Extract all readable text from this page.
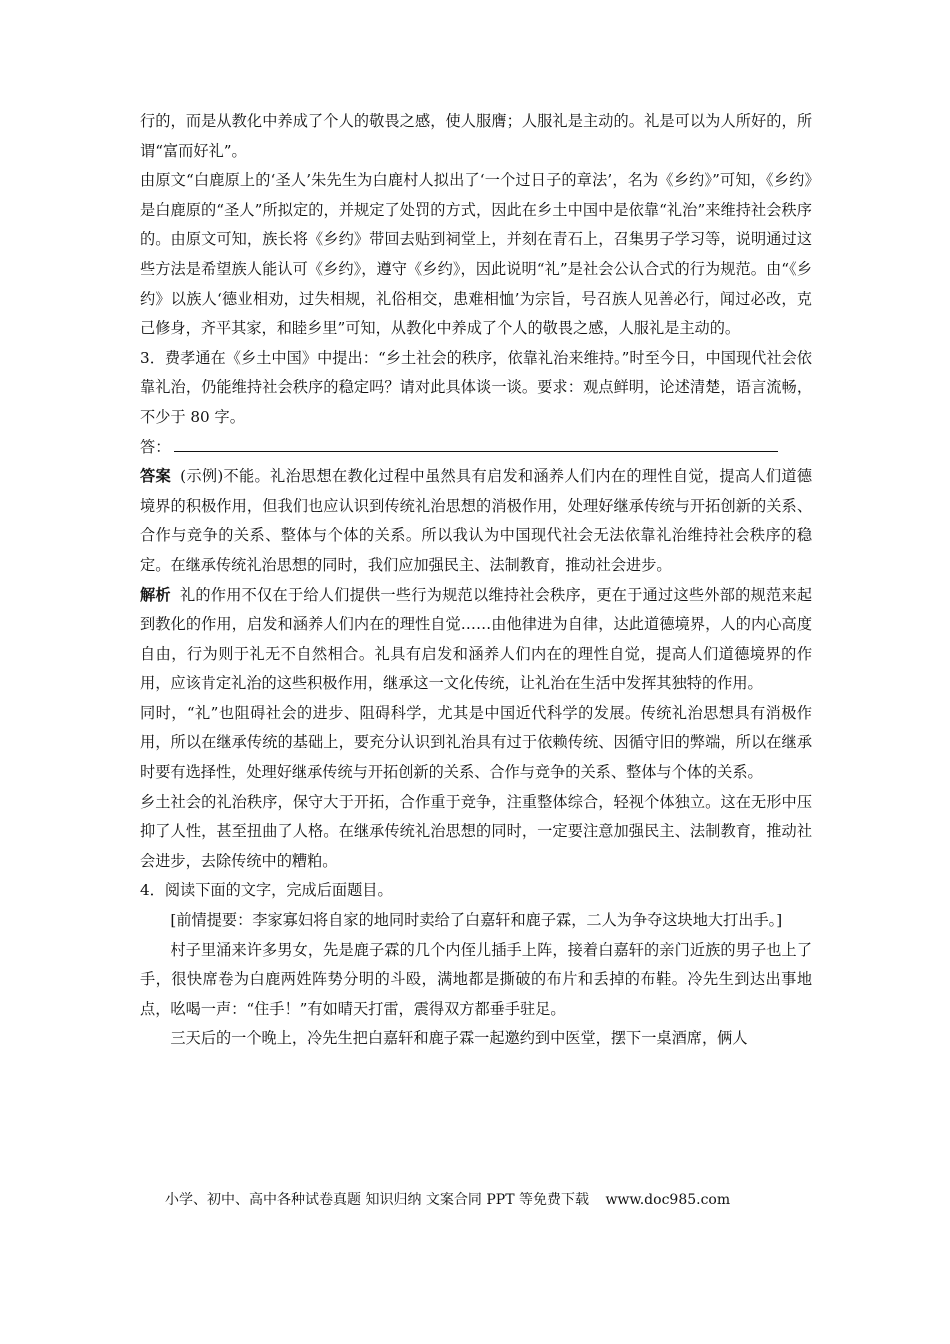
行的，而是从教化中养成了个人的敬畏之感，使人服膺；人服礼是主动的。礼是可以为人所好的，所谓“富而好礼”。

由原文“白鹿原上的‘圣人’朱先生为白鹿村人拟出了‘一个过日子的章法’，名为《乡约》”可知，《乡约》是白鹿原的“圣人”所拟定的，并规定了处罚的方式，因此在乡土中国中是依靠“礼治”来维持社会秩序的。由原文可知，族长将《乡约》带回去贴到祠堂上，并刻在青石上，召集男子学习等，说明通过这些方法是希望族人能认可《乡约》，遵守《乡约》，因此说明“礼”是社会公认合式的行为规范。由“《乡约》以族人‘德业相劝，过失相规，礼俗相交，患难相恤’为宗旨，号召族人见善必行，闻过必改，克己修身，齐平其家，和睦乡里”可知，从教化中养成了个人的敬畏之感，人服礼是主动的。

3．费孝通在《乡土中国》中提出：“乡土社会的秩序，依靠礼治来维持。”时至今日，中国现代社会依靠礼治，仍能维持社会秩序的稳定吗？请对此具体谈一谈。要求：观点鲜明，论述清楚，语言流畅，不少于 80 字。

答：

答案 (示例)不能。礼治思想在教化过程中虽然具有启发和涵养人们内在的理性自觉，提高人们道德境界的积极作用，但我们也应认识到传统礼治思想的消极作用，处理好继承传统与开拓创新的关系、合作与竞争的关系、整体与个体的关系。所以我认为中国现代社会无法依靠礼治维持社会秩序的稳定。在继承传统礼治思想的同时，我们应加强民主、法制教育，推动社会进步。

解析 礼的作用不仅在于给人们提供一些行为规范以维持社会秩序，更在于通过这些外部的规范来起到教化的作用，启发和涵养人们内在的理性自觉……由他律进为自律，达此道德境界，人的内心高度自由，行为则于礼无不自然相合。礼具有启发和涵养人们内在的理性自觉，提高人们道德境界的作用，应该肯定礼治的这些积极作用，继承这一文化传统，让礼治在生活中发挥其独特的作用。

同时，“礼”也阻碍社会的进步、阻碍科学，尤其是中国近代科学的发展。传统礼治思想具有消极作用，所以在继承传统的基础上，要充分认识到礼治具有过于依赖传统、因循守旧的弊端，所以在继承时要有选择性，处理好继承传统与开拓创新的关系、合作与竞争的关系、整体与个体的关系。

乡土社会的礼治秩序，保守大于开拓，合作重于竞争，注重整体综合，轻视个体独立。这在无形中压抑了人性，甚至扭曲了人格。在继承传统礼治思想的同时，一定要注意加强民主、法制教育，推动社会进步，去除传统中的糟粕。

4．阅读下面的文字，完成后面题目。

[前情提要：李家寡妇将自家的地同时卖给了白嘉轩和鹿子霖，二人为争夺这块地大打出手。]

村子里涌来许多男女，先是鹿子霖的几个内侄儿插手上阵，接着白嘉轩的亲门近族的男子也上了手，很快席卷为白鹿两姓阵势分明的斗殴，满地都是撕破的布片和丢掉的布鞋。冷先生到达出事地点，吆喝一声：“住手！”有如晴天打雷，震得双方都垂手驻足。

三天后的一个晚上，冷先生把白嘉轩和鹿子霖一起邀约到中医堂，摆下一桌酒席，俩人

小学、初中、高中各种试卷真题 知识归纳 文案合同 PPT 等免费下载 www.doc985.com
